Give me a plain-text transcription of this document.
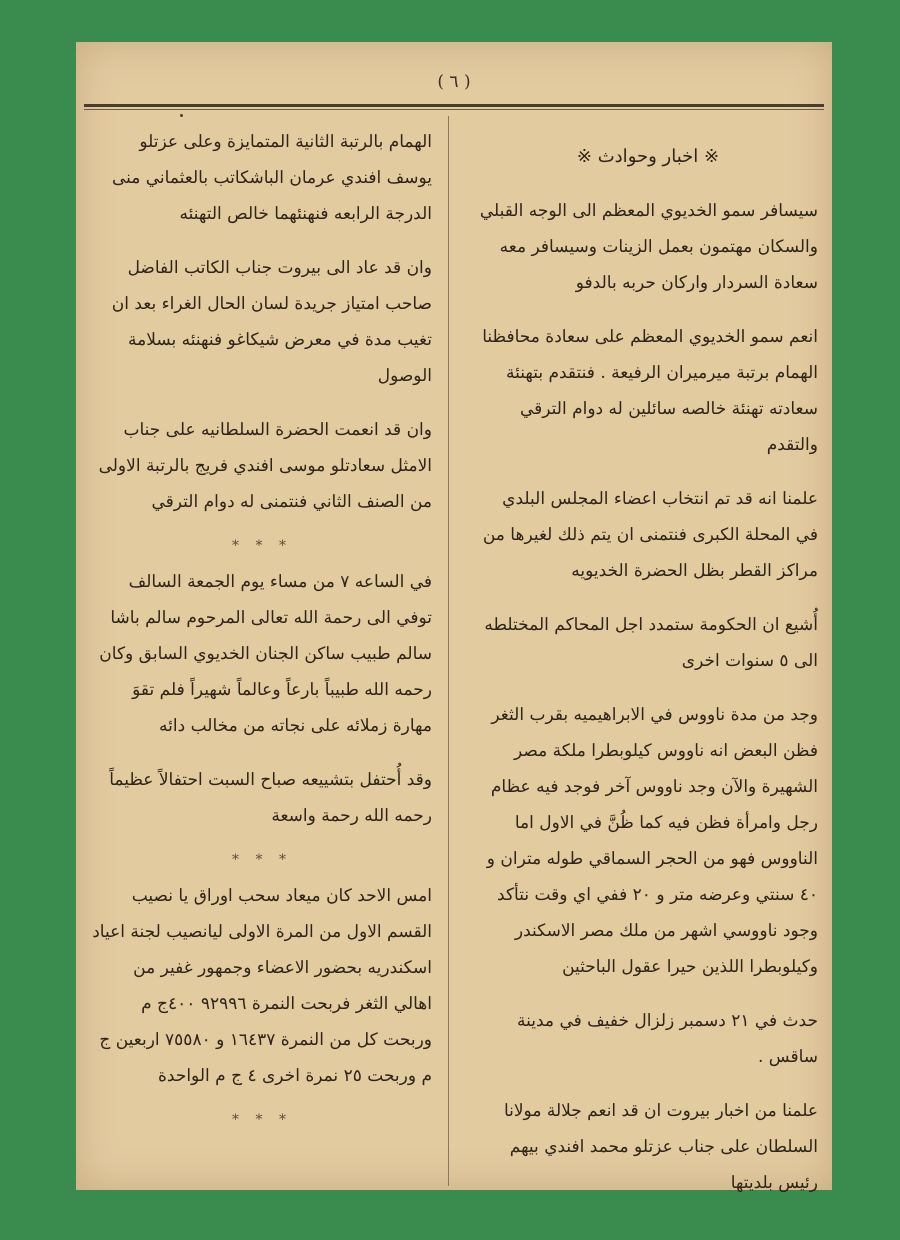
( ٦ )
※ اخبار وحوادث ※

سيسافر سمو الخديوي المعظم الى الوجه القبلي والسكان مهتمون بعمل الزينات وسيسافر معه سعادة السردار واركان حربه بالدفو

انعم سمو الخديوي المعظم على سعادة محافظنا الهمام برتبة ميرميران الرفيعة . فنتقدم بتهنئة سعادته تهنئة خالصه سائلين له دوام الترقي والتقدم

علمنا انه قد تم انتخاب اعضاء المجلس البلدي في المحلة الكبرى فنتمنى ان يتم ذلك لغيرها من مراكز القطر بظل الحضرة الخديويه

أُشيع ان الحكومة ستمدد اجل المحاكم المختلطه الى ٥ سنوات اخرى

وجد من مدة ناووس في الابراهيميه بقرب الثغر فظن البعض انه ناووس كيلوبطرا ملكة مصر الشهيرة والآن وجد ناووس آخر فوجد فيه عظام رجل وامرأة فظن فيه كما ظُنَّ في الاول اما الناووس فهو من الحجر السماقي طوله متران و ٤٠ سنتي وعرضه متر و ٢٠ ففي اي وقت نتأكد وجود ناووسي اشهر من ملك مصر الاسكندر وكيلوبطرا اللذين حيرا عقول الباحثين

حدث في ٢١ دسمبر زلزال خفيف في مدينة ساقس .

علمنا من اخبار بيروت ان قد انعم جلالة مولانا السلطان على جناب عزتلو محمد افندي بيهم رئيس بلديتها

الهمام بالرتبة الثانية المتمايزة وعلى عزتلو يوسف افندي عرمان الباشكاتب بالعثماني منى الدرجة الرابعه فنهنئهما خالص التهنئه

وان قد عاد الى بيروت جناب الكاتب الفاضل صاحب امتياز جريدة لسان الحال الغراء بعد ان تغيب مدة في معرض شيكاغو فنهنئه بسلامة الوصول

وان قد انعمت الحضرة السلطانيه على جناب الامثل سعادتلو موسى افندي فريج بالرتبة الاولى من الصنف الثاني فنتمنى له دوام الترقي

* * *

في الساعه ٧ من مساء يوم الجمعة السالف توفي الى رحمة الله تعالى المرحوم سالم باشا سالم طبيب ساكن الجنان الخديوي السابق وكان رحمه الله طبيباً بارعاً وعالماً شهيراً فلم تقوَ مهارة زملائه على نجاته من مخالب دائه

وقد أُحتفل بتشييعه صباح السبت احتفالاً عظيماً رحمه الله رحمة واسعة

* * *

امس الاحد كان ميعاد سحب اوراق يا نصيب القسم الاول من المرة الاولى ليانصيب لجنة اعياد اسكندريه بحضور الاعضاء وجمهور غفير من اهالي الثغر فربحت النمرة ٩٢٩٩٦ ٤٠٠ج م وربحت كل من النمرة ١٦٤٣٧ و ٧٥٥٨٠ اربعين ج م وربحت ٢٥ نمرة اخرى ٤ ج م الواحدة

* * *
